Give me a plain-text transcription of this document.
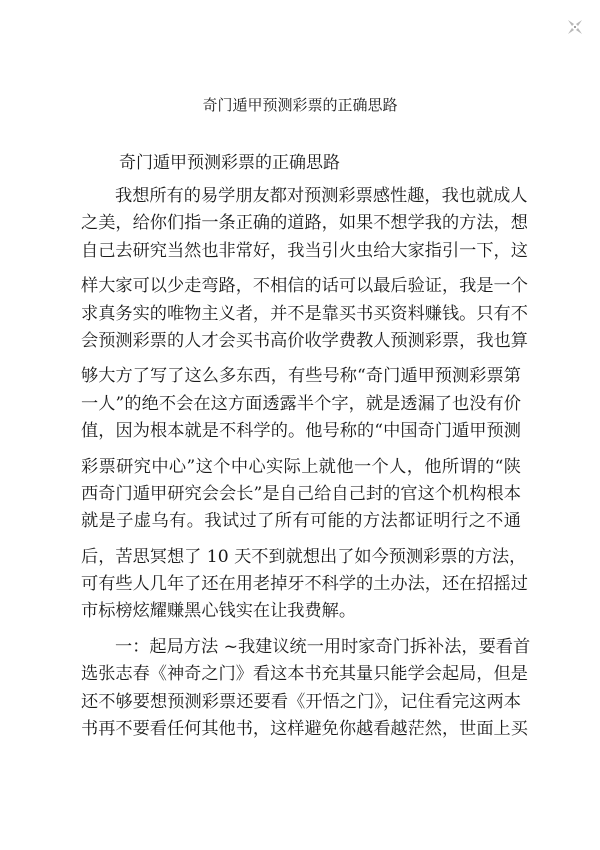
奇门遁甲预测彩票的正确思路
奇门遁甲预测彩票的正确思路
我想所有的易学朋友都对预测彩票感性趣，我也就成人
之美，给你们指一条正确的道路，如果不想学我的方法，想
自己去研究当然也非常好，我当引火虫给大家指引一下，这
样大家可以少走弯路，不相信的话可以最后验证，我是一个
求真务实的唯物主义者，并不是靠买书买资料赚钱。只有不
会预测彩票的人才会买书高价收学费教人预测彩票，我也算
够大方了写了这么多东西，有些号称“奇门遁甲预测彩票第
一人”的绝不会在这方面透露半个字，就是透漏了也没有价
值，因为根本就是不科学的。他号称的“中国奇门遁甲预测
彩票研究中心”这个中心实际上就他一个人，他所谓的“陕
西奇门遁甲研究会会长”是自己给自己封的官这个机构根本
就是子虚乌有。我试过了所有可能的方法都证明行之不通
后，苦思冥想了 10 天不到就想出了如今预测彩票的方法，
可有些人几年了还在用老掉牙不科学的土办法，还在招摇过
市标榜炫耀赚黑心钱实在让我费解。
一：起局方法 ~我建议统一用时家奇门拆补法，要看首
选张志春《神奇之门》看这本书充其量只能学会起局，但是
还不够要想预测彩票还要看《开悟之门》，记住看完这两本
书再不要看任何其他书，这样避免你越看越茫然，世面上买
